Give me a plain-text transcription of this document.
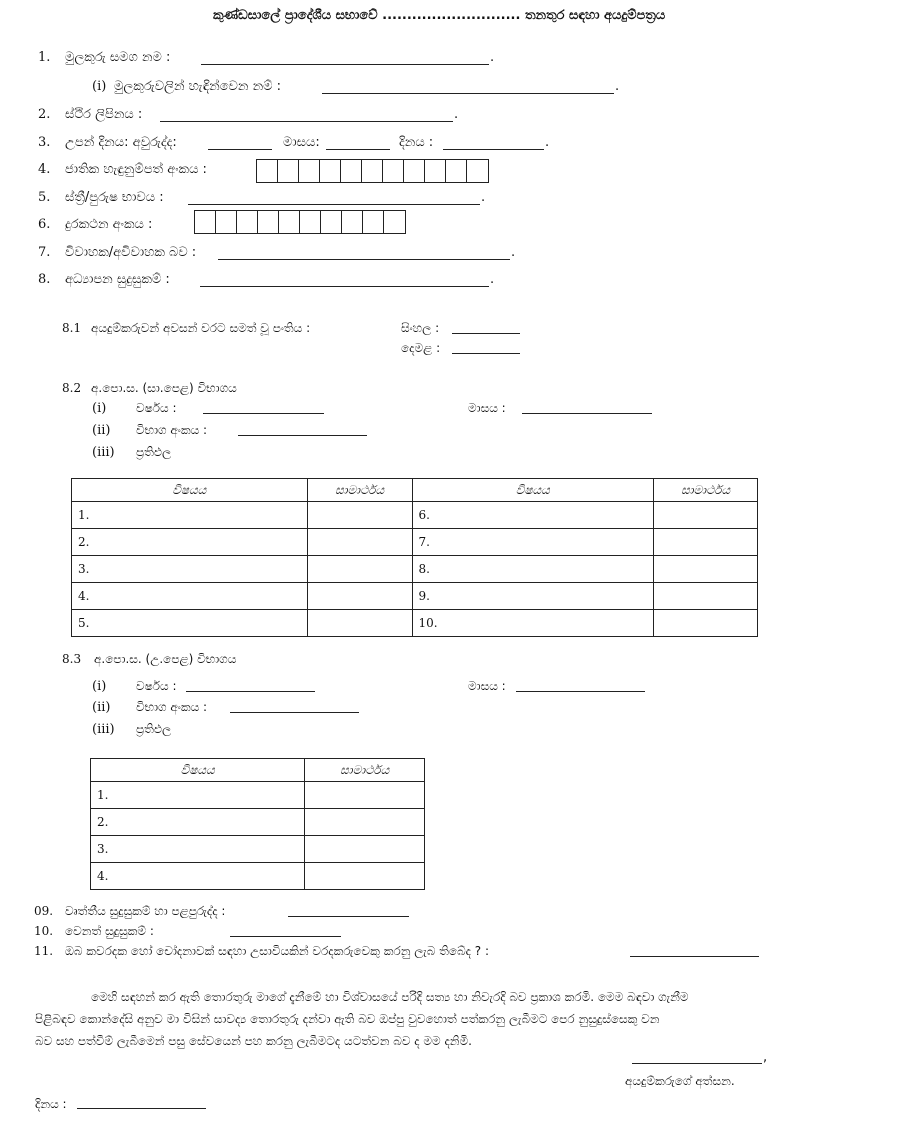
කුණ්ඩසාලේ ප්‍රාදේශීය සභාවේ ............................ තනතුර සඳහා අයදුම්පත්‍රය
1. මුලකුරු සමග නම :	.
(i) මුලකුරුවලින් හැඳින්වෙන නම් :	.
2. ස්ථිර ලිපිනය :	.
3. උපන් දිනය: අවුරුද්ද:	මාසය:	දිනය :	.
4. ජාතික හැඳුනුම්පත් අංකය :
5. ස්ත්‍රී/පුරුෂ භාවය :	.
6. දුරකථන අංකය :
7. විවාහක/අවිවාහක බව :	.
8. අධ්‍යාපන සුදුසුකම් :	.
8.1 අයදුම්කරුවන් අවසන් වරට සමත් වූ පංතිය :	සිංහල :
දෙමළ :
8.2 අ.පො.ස. (සා.පෙළ) විභාගය
(i) වර්ෂය :	මාසය :
(ii) විභාග අංකය :
(iii) ප්‍රතිඵල
විෂයය	සාමාර්ථය	විෂයය	සාමාර්ථය
1.		6.	
2.		7.	
3.		8.	
4.		9.	
5.		10.	
8.3 අ.පො.ස. (උ.පෙළ) විභාගය
(i) වර්ෂය :	මාසය :
(ii) විභාග අංකය :
(iii) ප්‍රතිඵල
විෂයය	සාමාර්ථය
1.	
2.	
3.	
4.	
09. වෘත්තීය සුදුසුකම් හා පළපුරුද්ද :
10. වෙනත් සුදුසුකම් :
11. ඔබ කවරදක හෝ චෝදනාවක් සඳහා උසාවියකින් වරදකරුවෙකු කරනු ලැබ තිබේද ? :
මෙහි සඳහන් කර ඇති තොරතුරු මාගේ දැනීමේ හා විශ්වාසයේ පරිදි සත්‍ය හා නිවැරදි බව ප්‍රකාශ කරමි. මෙම බඳවා ගැනීම
පිළිබඳව කොන්දේසි අනුව මා විසින් සාවද්‍ය තොරතුරු දන්වා ඇති බව ඔප්පු වුවහොත් පත්කරනු ලැබීමට පෙර නුසුදුස්සෙකු වන
බව සහ පත්වීම් ලැබීමෙන් පසු සේවයෙන් පහ කරනු ලැබීමටද යටත්වන බව ද මම දනිමි.
,
අයදුම්කරුගේ අත්සන.
දිනය :
